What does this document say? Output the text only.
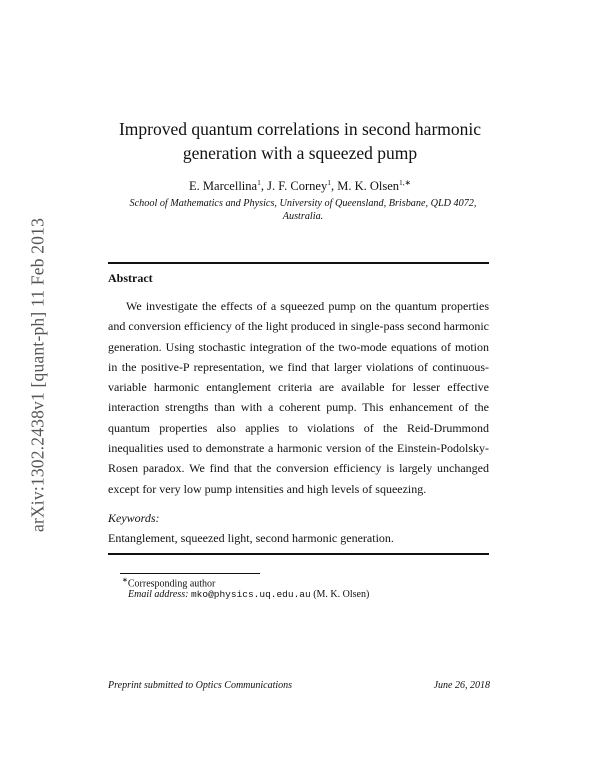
arXiv:1302.2438v1 [quant-ph] 11 Feb 2013
Improved quantum correlations in second harmonic
generation with a squeezed pump
E. Marcellina$^1$, J. F. Corney$^1$, M. K. Olsen$^{1,∗}$
School of Mathematics and Physics, University of Queensland, Brisbane, QLD 4072,
Australia.
Abstract
We investigate the effects of a squeezed pump on the quantum properties and conversion efficiency of the light produced in single-pass second harmonic generation. Using stochastic integration of the two-mode equations of motion in the positive-P representation, we find that larger violations of continuous-variable harmonic entanglement criteria are available for lesser effective interaction strengths than with a coherent pump. This enhancement of the quantum properties also applies to violations of the Reid-Drummond inequalities used to demonstrate a harmonic version of the Einstein-Podolsky-Rosen paradox. We find that the conversion efficiency is largely unchanged except for very low pump intensities and high levels of squeezing.
Keywords:
Entanglement, squeezed light, second harmonic generation.
∗Corresponding author
Email address: mko@physics.uq.edu.au (M. K. Olsen)
Preprint submitted to Optics Communications	June 26, 2018
